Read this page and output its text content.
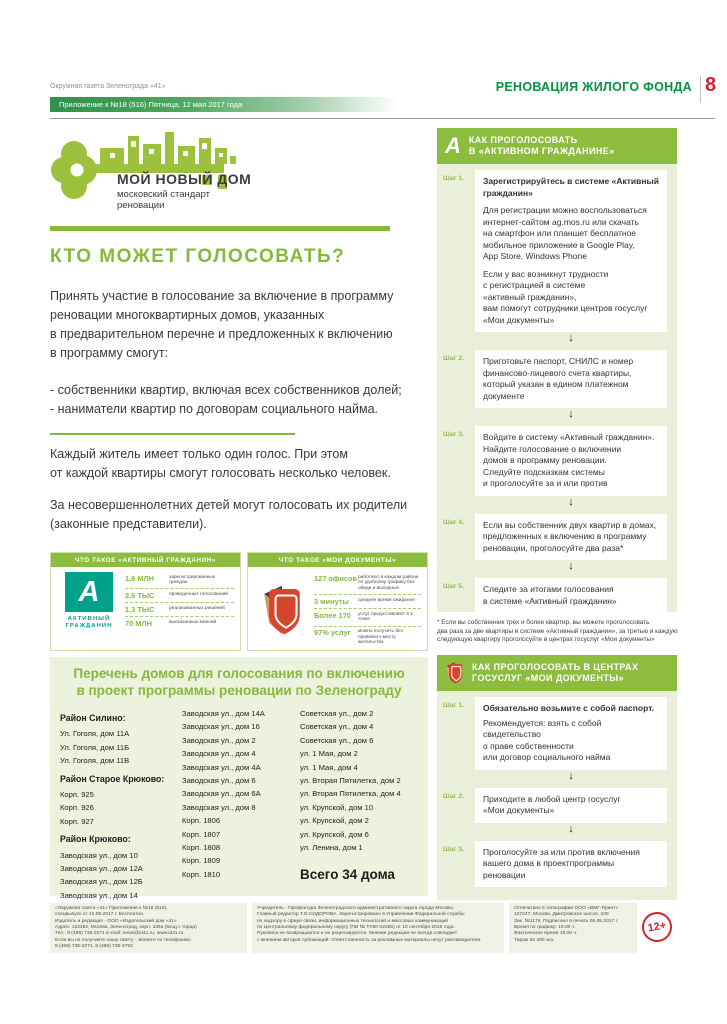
Окружная газета Зеленограда «41»	РЕНОВАЦИЯ ЖИЛОГО ФОНДА 8
Приложение к №18 (516) Пятница, 12 мая 2017 года
МОЙ НОВЫЙ ДОМ
московский стандарт
реновации
КТО МОЖЕТ ГОЛОСОВАТЬ?
Принять участие в голосование за включение в программу
реновации многоквартирных домов, указанных
в предварительном перечне и предложенных к включению
в программу смогут:
- собственники квартир, включая всех собственников долей;
- наниматели квартир по договорам социального найма.
Каждый житель имеет только один голос. При этом
от каждой квартиры смогут голосовать несколько человек.
За несовершеннолетних детей могут голосовать их родители
(законные представители).
ЧТО ТАКОЕ «АКТИВНЫЙ ГРАЖДАНИН»
А
АКТИВНЫЙ
ГРАЖДАНИН
1,6 МЛН	зарегистрированных граждан
2,6 ТЫС	проведенных голосований
1,3 ТЫС	реализованных решений
70 МЛН	высказанных мнений
ЧТО ТАКОЕ «МОИ ДОКУМЕНТЫ»
127 офисов работают в каждом районе по удобному графику без обеда и выходных
3 минуты	среднее время ожидания
Более 170	услуг предоставляют в 1 точке
97% услуг	можно получить без привязки к месту жительства
Перечень домов для голосования по включению
в проект программы реновации по Зеленограду
Район Силино:
Ул. Гоголя, дом 11А
Ул. Гоголя, дом 11Б
Ул. Гоголя, дом 11В
Район Старое Крюково:
Корп. 925
Корп. 926
Корп. 927
Район Крюково:
Заводская ул., дом 10
Заводская ул., дом 12А
Заводская ул., дом 12Б
Заводская ул., дом 14
Заводская ул., дом 14А
Заводская ул., дом 16
Заводская ул., дом 2
Заводская ул., дом 4
Заводская ул., дом 4А
Заводская ул., дом 6
Заводская ул., дом 6А
Заводская ул., дом 8
Корп. 1806
Корп. 1807
Корп. 1808
Корп. 1809
Корп. 1810
Советская ул., дом 2
Советская ул., дом 4
Советская ул., дом 6
ул. 1 Мая, дом 2
ул. 1 Мая, дом 4
ул. Вторая Пятилетка, дом 2
ул. Вторая Пятилетка, дом 4
ул. Крупской, дом 10
ул. Крупской, дом 2
ул. Крупской, дом 6
ул. Ленина, дом 1
Всего 34 дома
А КАК ПРОГОЛОСОВАТЬ
В «АКТИВНОМ ГРАЖДАНИНЕ»
Шаг 1.	Зарегистрируйтесь в системе «Активный
гражданин»
Для регистрации можно воспользоваться
интернет-сайтом ag.mos.ru или скачать
на смартфон или планшет бесплатное
мобильное приложение в Google Play,
App Store, Windows Phone
Если у вас возникнут трудности
с регистрацией в системе
«активный гражданин»,
вам помогут сотрудники центров госуслуг
«Мои документы»
↓
Шаг 2.	Приготовьте паспорт, СНИЛС и номер
финансово-лицевого счета квартиры,
который указан в едином платежном
документе
↓
Шаг 3.	Войдите в систему «Активный гражданин».
Найдите голосование о включении
домов в программу реновации.
Следуйте подсказкам системы
и проголосуйте за и или против
↓
Шаг 4.	Если вы собственник двух квартир в домах,
предложенных к включению в программу
реновации, проголосуйте два раза*
↓
Шаг 5.	Следите за итогами голосования
в системе «Активный гражданин»
* Если вы собственник трех и более квартир, вы можете проголосовать
два раза за две квартиры в системе «Активный гражданин», за третью и каждую
следующую квартиру проголосуйте в центрах госуслуг «Мои документы»
КАК ПРОГОЛОСОВАТЬ В ЦЕНТРАХ
ГОСУСЛУГ «МОИ ДОКУМЕНТЫ»
Шаг 1.	Обязательно возьмите с собой паспорт.
Рекомендуется: взять с собой свидетельство
о праве собственности
или договор социального найма
↓
Шаг 2.	Приходите в любой центр госуслуг
«Мои документы»
↓
Шаг 3.	Проголосуйте за или против включения
вашего дома в проектпрограммы
реновации
«Окружная газета «41» Приложение к №18 (516),
спецвыпуск от 12.05.2017 г. Бесплатно.
Издатель и редакция - ООО «Издательский дом «41»
Адрес: 124482, Москва, Зеленоград, корп. 339а (вход с торца)
Тел.: 8 (499) 735-2271 E-mail: news@id41.ru, www.id41.ru
Если вы не получаете нашу газету - звоните по телефонам:
8 (499) 735-2271, 8 (499) 735-2793
Учредитель - Префектура Зеленоградского административного округа города Москвы.
Главный редактор Т.О.СИДОРОВА. Зарегистрировано в Управлении Федеральной службы
по надзору в сфере связи, информационных технологий и массовых коммуникаций
по Центральному федеральному округу (ПИ № ТУ50-02255) от 10 сентября 2015 года.
Рукописи не возвращаются и не рецензируются. Мнение редакции не всегда совпадает
с мнением авторов публикаций. Ответственность за рекламные материалы несут рекламодатели.
Отпечатано в типографии ООО «ВМГ-Принт»
127247, Москва, Дмитровское шоссе, 100
Зак. №1176. Подписано в печать 05.05.2017 г.
Время по графику: 19.00 ч.
Фактическое время 19.00 ч.
Тираж 92 400 экз.
12+
